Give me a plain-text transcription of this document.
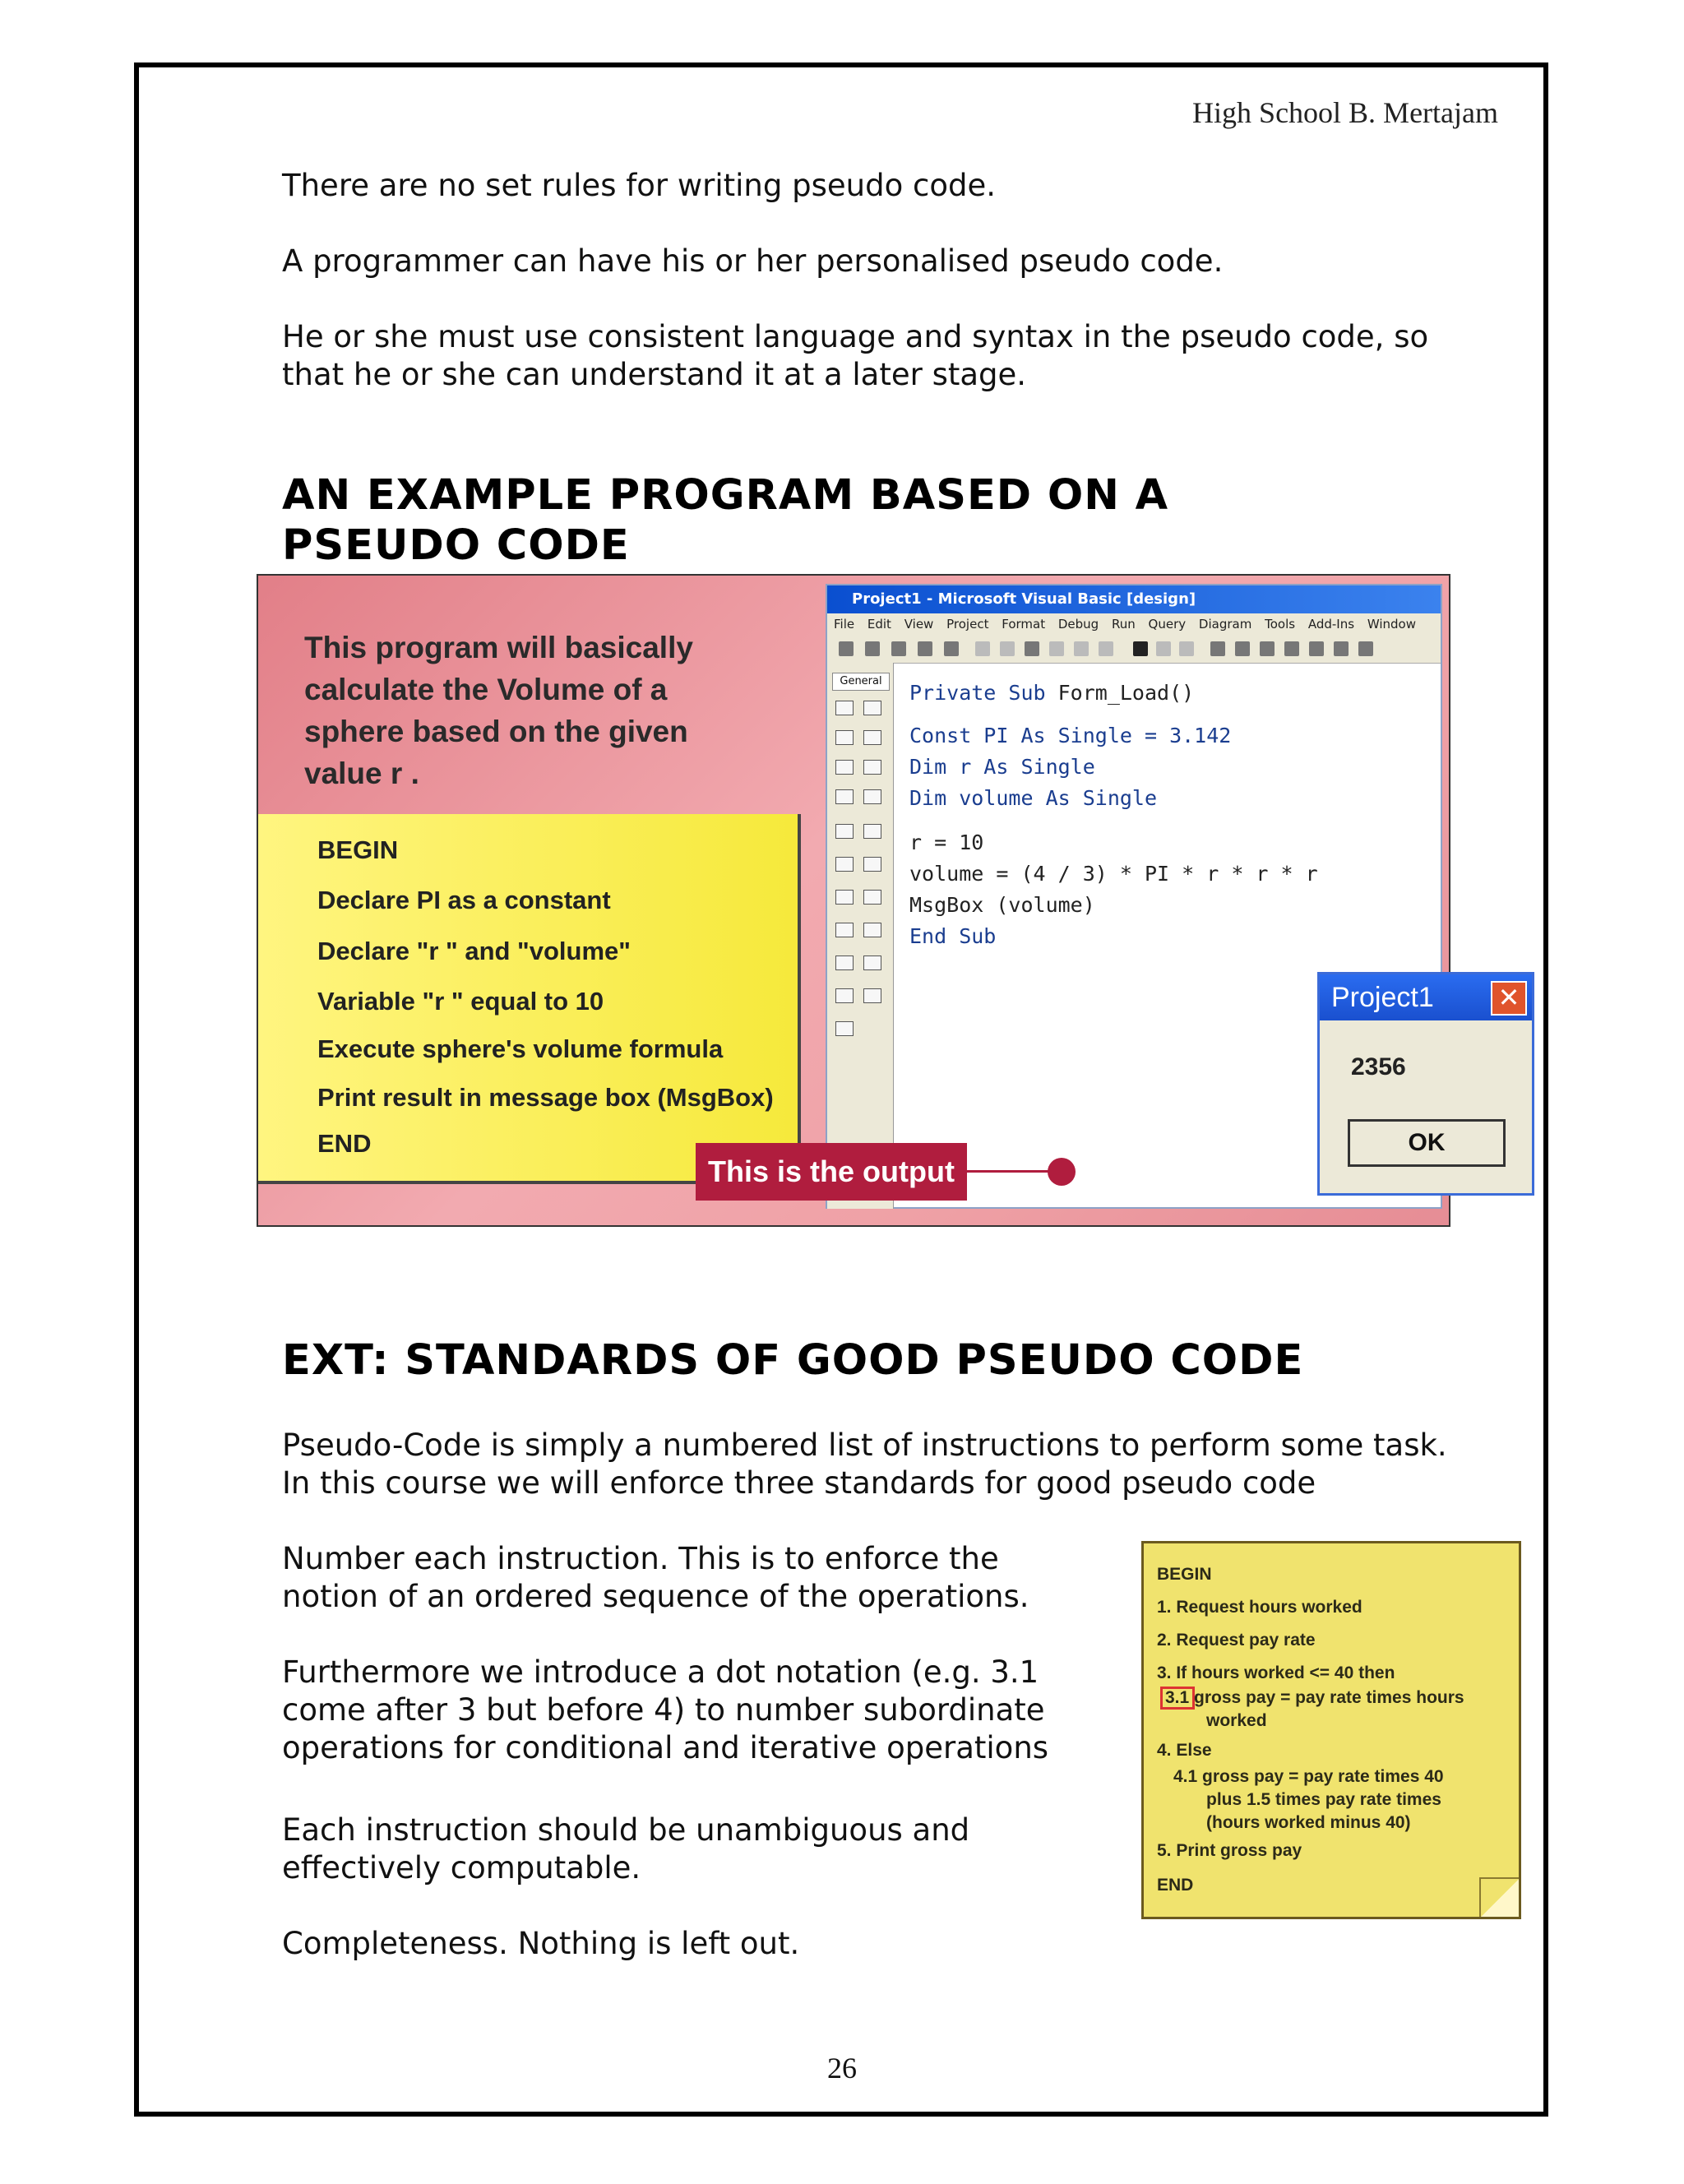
High School B. Mertajam
There are no set rules for writing pseudo code.
A programmer can have his or her personalised pseudo code.
He or she must use consistent language and syntax in the pseudo code, so
that he or she can understand it at a later stage.
AN EXAMPLE PROGRAM BASED ON A
PSEUDO CODE
This program will basically
calculate the Volume of a
sphere based on the given
value r .
BEGIN
Declare PI as a constant
Declare "r " and "volume"
Variable "r " equal to 10
Execute sphere's volume formula
Print result in message box (MsgBox)
END
Project1 - Microsoft Visual Basic [design]
File Edit View Project Format Debug Run Query Diagram Tools Add-Ins Window
General	Private Sub Form_Load()
Const PI As Single = 3.142
Dim r As Single
Dim volume As Single
r = 10
volume = (4 / 3) * PI * r * r * r
MsgBox (volume)
End Sub
Project1	✕
2356
OK
This is the output
EXT: STANDARDS OF GOOD PSEUDO CODE
Pseudo-Code is simply a numbered list of instructions to perform some task.
In this course we will enforce three standards for good pseudo code
Number each instruction. This is to enforce the
notion of an ordered sequence of the operations.
Furthermore we introduce a dot notation (e.g. 3.1
come after 3 but before 4) to number subordinate
operations for conditional and iterative operations
Each instruction should be unambiguous and
effectively computable.
Completeness. Nothing is left out.
BEGIN
1. Request hours worked
2. Request pay rate
3. If hours worked <= 40 then
3.1 gross pay = pay rate times hours
worked
4. Else
4.1 gross pay = pay rate times 40
plus 1.5 times pay rate times
(hours worked minus 40)
5. Print gross pay
END
26
